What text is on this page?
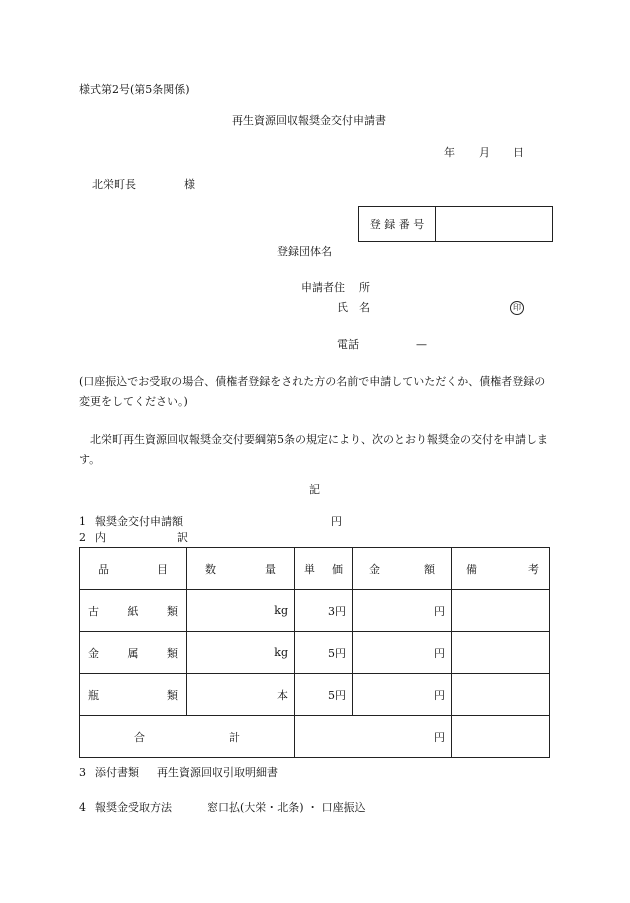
様式第2号(第5条関係)
再生資源回収報奨金交付申請書
年 月 日
北栄町長	様
登 録 番 号	
登録団体名
申請者住 所
氏 名	印
電話	—
(口座振込でお受取の場合、債権者登録をされた方の名前で申請していただくか、債権者登録の変更をしてください。)
北栄町再生資源回収報奨金交付要綱第5条の規定により、次のとおり報奨金の交付を申請します。
記
1 報奨金交付申請額	円
2 内	訳
品 目	数 量	単 価	金 額	備 考

古 紙 類	kg	3円	円	

金 属 類	kg	5円	円	

瓶 類	本	5円	円	

合 計		円		
3 添付書類 再生資源回収引取明細書
4 報奨金受取方法	窓口払(大栄・北条) ・ 口座振込
